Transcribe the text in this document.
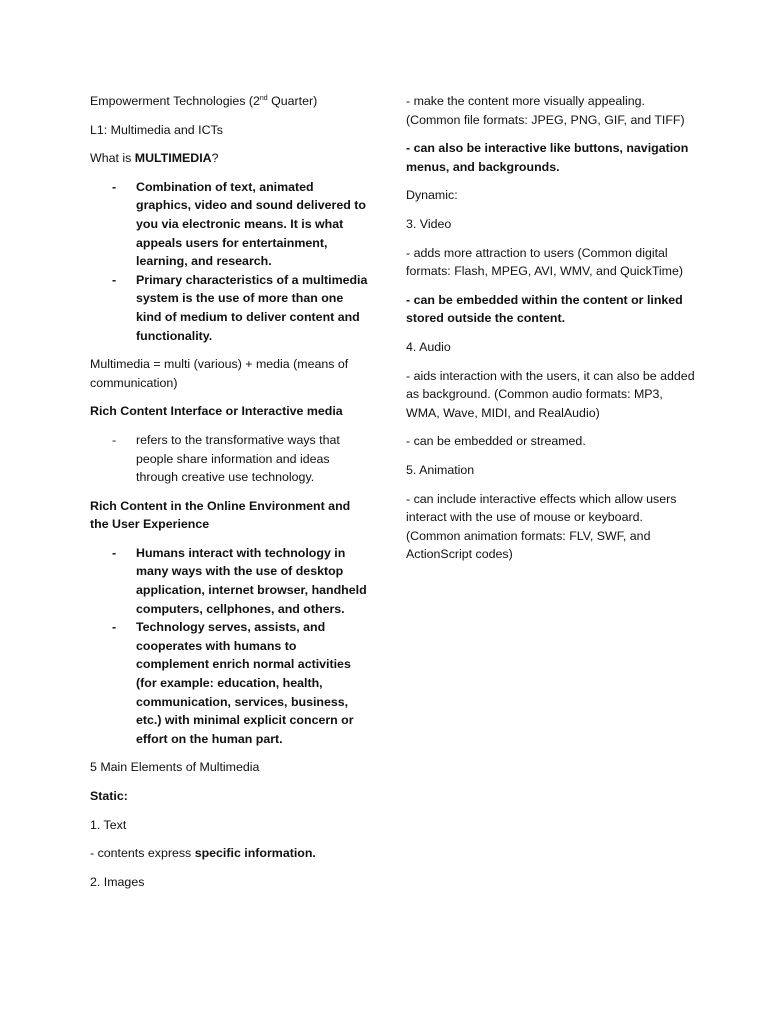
Empowerment Technologies (2nd Quarter)

L1: Multimedia and ICTs

What is MULTIMEDIA?

- Combination of text, animated graphics, video and sound delivered to you via electronic means. It is what appeals users for entertainment, learning, and research.
- Primary characteristics of a multimedia system is the use of more than one kind of medium to deliver content and functionality.

Multimedia = multi (various) + media (means of communication)

Rich Content Interface or Interactive media

- refers to the transformative ways that people share information and ideas through creative use technology.

Rich Content in the Online Environment and the User Experience

- Humans interact with technology in many ways with the use of desktop application, internet browser, handheld computers, cellphones, and others.
- Technology serves, assists, and cooperates with humans to complement enrich normal activities (for example: education, health, communication, services, business, etc.) with minimal explicit concern or effort on the human part.

5 Main Elements of Multimedia

Static:

1. Text

- contents express specific information.

2. Images

- make the content more visually appealing. (Common file formats: JPEG, PNG, GIF, and TIFF)

- can also be interactive like buttons, navigation menus, and backgrounds.

Dynamic:

3. Video

- adds more attraction to users (Common digital formats: Flash, MPEG, AVI, WMV, and QuickTime)

- can be embedded within the content or linked stored outside the content.

4. Audio

- aids interaction with the users, it can also be added as background. (Common audio formats: MP3, WMA, Wave, MIDI, and RealAudio)

- can be embedded or streamed.

5. Animation

- can include interactive effects which allow users interact with the use of mouse or keyboard. (Common animation formats: FLV, SWF, and ActionScript codes)
